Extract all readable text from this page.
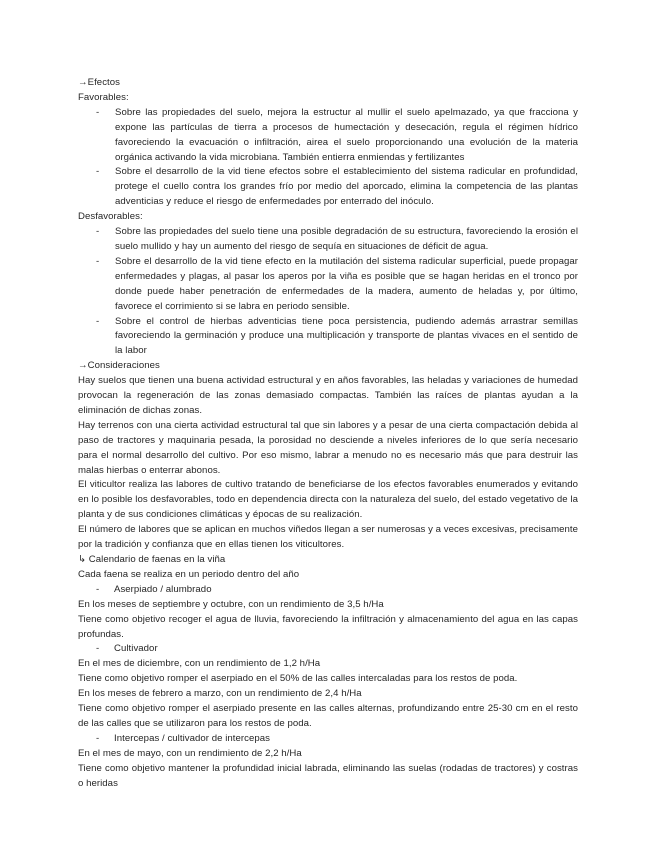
→Efectos

Favorables:

-	Sobre las propiedades del suelo, mejora la estructur al mullir el suelo apelmazado, ya que fracciona y expone las partículas de tierra a procesos de humectación y desecación, regula el régimen hídrico favoreciendo la evacuación o infiltración, airea el suelo proporcionando una evolución de la materia orgánica activando la vida microbiana. También entierra enmiendas y fertilizantes
-	Sobre el desarrollo de la vid tiene efectos sobre el establecimiento del sistema radicular en profundidad, protege el cuello contra los grandes frío por medio del aporcado, elimina la competencia de las plantas adventicias y reduce el riesgo de enfermedades por enterrado del inóculo.

Desfavorables:

-	Sobre las propiedades del suelo tiene una posible degradación de su estructura, favoreciendo la erosión el suelo mullido y hay un aumento del riesgo de sequía en situaciones de déficit de agua.
-	Sobre el desarrollo de la vid tiene efecto en la mutilación del sistema radicular superficial, puede propagar enfermedades y plagas, al pasar los aperos por la viña es posible que se hagan heridas en el tronco por donde puede haber penetración de enfermedades de la madera, aumento de heladas y, por último, favorece el corrimiento si se labra en periodo sensible.
-	Sobre el control de hierbas adventicias tiene poca persistencia, pudiendo además arrastrar semillas favoreciendo la germinación y produce una multiplicación y transporte de plantas vivaces en el sentido de la labor

→Consideraciones

Hay suelos que tienen una buena actividad estructural y en años favorables, las heladas y variaciones de humedad provocan la regeneración de las zonas demasiado compactas. También las raíces de plantas ayudan a la eliminación de dichas zonas.

Hay terrenos con una cierta actividad estructural tal que sin labores y a pesar de una cierta compactación debida al paso de tractores y maquinaria pesada, la porosidad no desciende a niveles inferiores de lo que sería necesario para el normal desarrollo del cultivo. Por eso mismo, labrar a menudo no es necesario más que para destruir las malas hierbas o enterrar abonos.

El viticultor realiza las labores de cultivo tratando de beneficiarse de los efectos favorables enumerados y evitando en lo posible los desfavorables, todo en dependencia directa con la naturaleza del suelo, del estado vegetativo de la planta y de sus condiciones climáticas y épocas de su realización.

El número de labores que se aplican en muchos viñedos llegan a ser numerosas y a veces excesivas, precisamente por la tradición y confianza que en ellas tienen los viticultores.

↳ Calendario de faenas en la viña

Cada faena se realiza en un periodo dentro del año

- Aserpiado / alumbrado

En los meses de septiembre y octubre, con un rendimiento de 3,5 h/Ha

Tiene como objetivo recoger el agua de lluvia, favoreciendo la infiltración y almacenamiento del agua en las capas profundas.

- Cultivador

En el mes de diciembre, con un rendimiento de 1,2 h/Ha

Tiene como objetivo romper el aserpiado en el 50% de las calles intercaladas para los restos de poda.

En los meses de febrero a marzo, con un rendimiento de 2,4 h/Ha

Tiene como objetivo romper el aserpiado presente en las calles alternas, profundizando entre 25-30 cm en el resto de las calles que se utilizaron para los restos de poda.

- Intercepas / cultivador de intercepas

En el mes de mayo, con un rendimiento de 2,2 h/Ha

Tiene como objetivo mantener la profundidad inicial labrada, eliminando las suelas (rodadas de tractores) y costras o heridas
